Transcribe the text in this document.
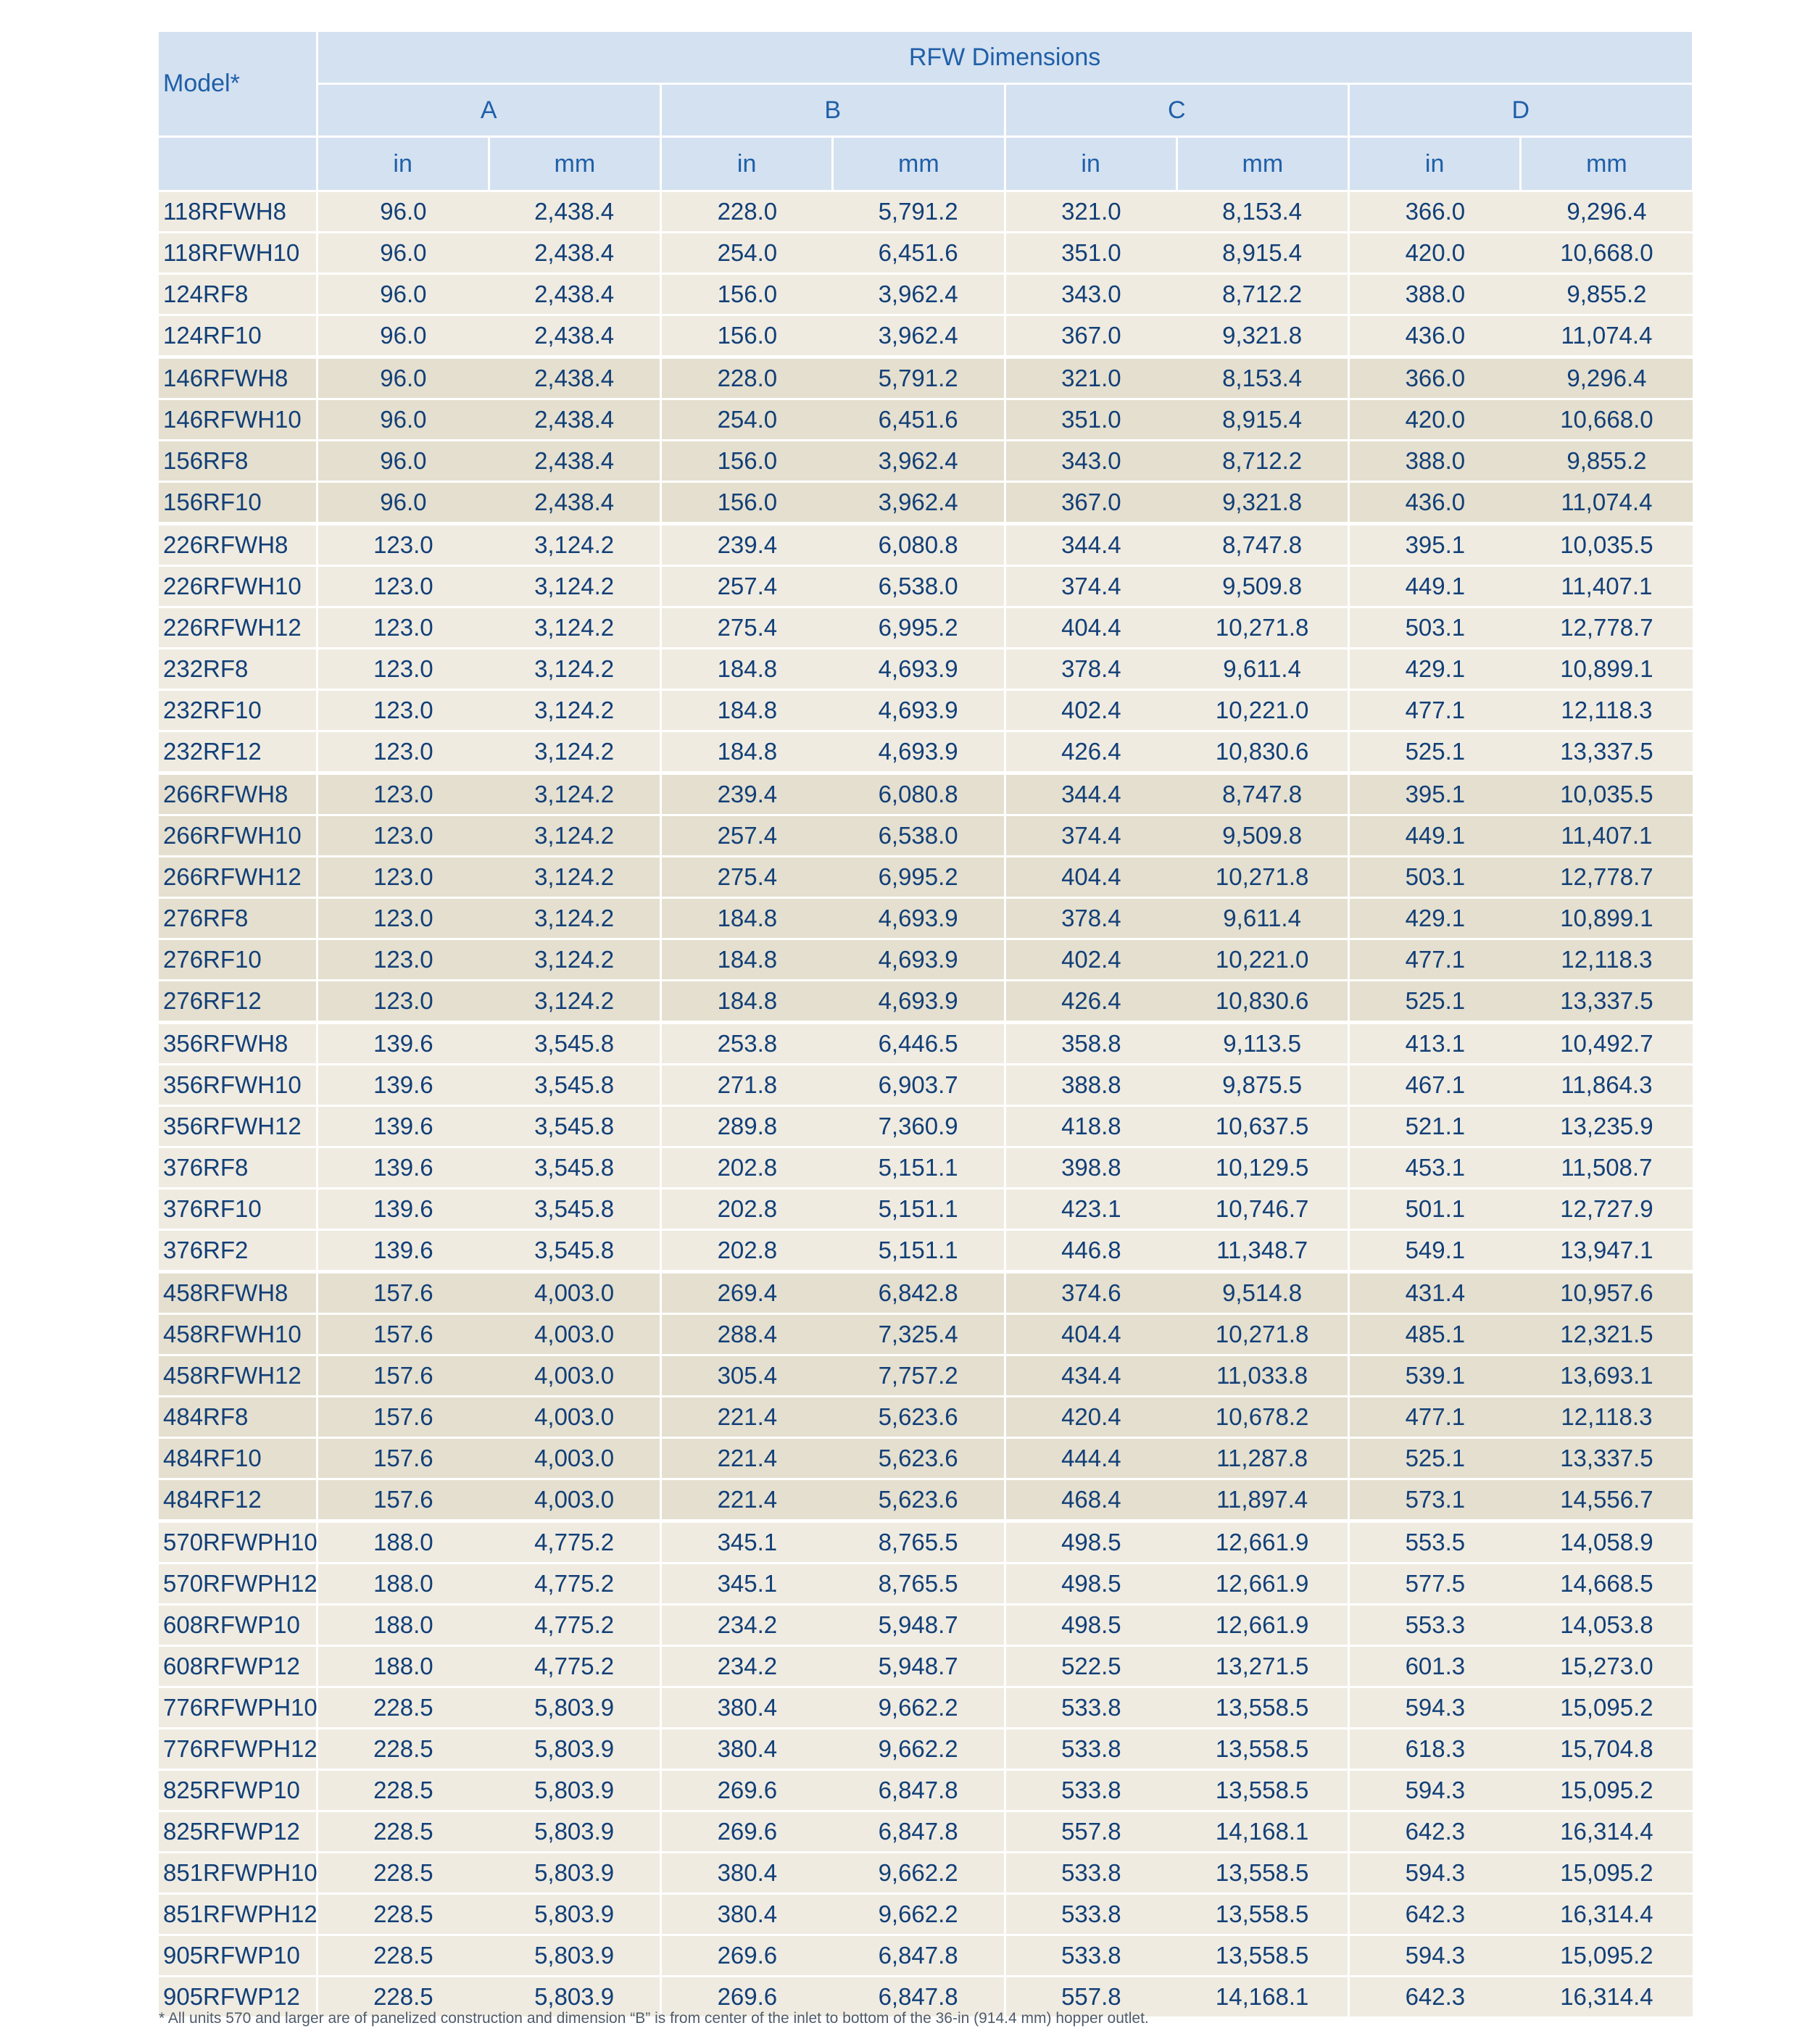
Model*	RFW Dimensions							
	A		B		C		D	
	in	mm	in	mm	in	mm	in	mm
118RFWH8	96.0	2,438.4	228.0	5,791.2	321.0	8,153.4	366.0	9,296.4
118RFWH10	96.0	2,438.4	254.0	6,451.6	351.0	8,915.4	420.0	10,668.0
124RF8	96.0	2,438.4	156.0	3,962.4	343.0	8,712.2	388.0	9,855.2
124RF10	96.0	2,438.4	156.0	3,962.4	367.0	9,321.8	436.0	11,074.4
146RFWH8	96.0	2,438.4	228.0	5,791.2	321.0	8,153.4	366.0	9,296.4
146RFWH10	96.0	2,438.4	254.0	6,451.6	351.0	8,915.4	420.0	10,668.0
156RF8	96.0	2,438.4	156.0	3,962.4	343.0	8,712.2	388.0	9,855.2
156RF10	96.0	2,438.4	156.0	3,962.4	367.0	9,321.8	436.0	11,074.4
226RFWH8	123.0	3,124.2	239.4	6,080.8	344.4	8,747.8	395.1	10,035.5
226RFWH10	123.0	3,124.2	257.4	6,538.0	374.4	9,509.8	449.1	11,407.1
226RFWH12	123.0	3,124.2	275.4	6,995.2	404.4	10,271.8	503.1	12,778.7
232RF8	123.0	3,124.2	184.8	4,693.9	378.4	9,611.4	429.1	10,899.1
232RF10	123.0	3,124.2	184.8	4,693.9	402.4	10,221.0	477.1	12,118.3
232RF12	123.0	3,124.2	184.8	4,693.9	426.4	10,830.6	525.1	13,337.5
266RFWH8	123.0	3,124.2	239.4	6,080.8	344.4	8,747.8	395.1	10,035.5
266RFWH10	123.0	3,124.2	257.4	6,538.0	374.4	9,509.8	449.1	11,407.1
266RFWH12	123.0	3,124.2	275.4	6,995.2	404.4	10,271.8	503.1	12,778.7
276RF8	123.0	3,124.2	184.8	4,693.9	378.4	9,611.4	429.1	10,899.1
276RF10	123.0	3,124.2	184.8	4,693.9	402.4	10,221.0	477.1	12,118.3
276RF12	123.0	3,124.2	184.8	4,693.9	426.4	10,830.6	525.1	13,337.5
356RFWH8	139.6	3,545.8	253.8	6,446.5	358.8	9,113.5	413.1	10,492.7
356RFWH10	139.6	3,545.8	271.8	6,903.7	388.8	9,875.5	467.1	11,864.3
356RFWH12	139.6	3,545.8	289.8	7,360.9	418.8	10,637.5	521.1	13,235.9
376RF8	139.6	3,545.8	202.8	5,151.1	398.8	10,129.5	453.1	11,508.7
376RF10	139.6	3,545.8	202.8	5,151.1	423.1	10,746.7	501.1	12,727.9
376RF2	139.6	3,545.8	202.8	5,151.1	446.8	11,348.7	549.1	13,947.1
458RFWH8	157.6	4,003.0	269.4	6,842.8	374.6	9,514.8	431.4	10,957.6
458RFWH10	157.6	4,003.0	288.4	7,325.4	404.4	10,271.8	485.1	12,321.5
458RFWH12	157.6	4,003.0	305.4	7,757.2	434.4	11,033.8	539.1	13,693.1
484RF8	157.6	4,003.0	221.4	5,623.6	420.4	10,678.2	477.1	12,118.3
484RF10	157.6	4,003.0	221.4	5,623.6	444.4	11,287.8	525.1	13,337.5
484RF12	157.6	4,003.0	221.4	5,623.6	468.4	11,897.4	573.1	14,556.7
570RFWPH10	188.0	4,775.2	345.1	8,765.5	498.5	12,661.9	553.5	14,058.9
570RFWPH12	188.0	4,775.2	345.1	8,765.5	498.5	12,661.9	577.5	14,668.5
608RFWP10	188.0	4,775.2	234.2	5,948.7	498.5	12,661.9	553.3	14,053.8
608RFWP12	188.0	4,775.2	234.2	5,948.7	522.5	13,271.5	601.3	15,273.0
776RFWPH10	228.5	5,803.9	380.4	9,662.2	533.8	13,558.5	594.3	15,095.2
776RFWPH12	228.5	5,803.9	380.4	9,662.2	533.8	13,558.5	618.3	15,704.8
825RFWP10	228.5	5,803.9	269.6	6,847.8	533.8	13,558.5	594.3	15,095.2
825RFWP12	228.5	5,803.9	269.6	6,847.8	557.8	14,168.1	642.3	16,314.4
851RFWPH10	228.5	5,803.9	380.4	9,662.2	533.8	13,558.5	594.3	15,095.2
851RFWPH12	228.5	5,803.9	380.4	9,662.2	533.8	13,558.5	642.3	16,314.4
905RFWP10	228.5	5,803.9	269.6	6,847.8	533.8	13,558.5	594.3	15,095.2
905RFWP12	228.5	5,803.9	269.6	6,847.8	557.8	14,168.1	642.3	16,314.4
* All units 570 and larger are of panelized construction and dimension “B” is from center of the inlet to bottom of the 36-in (914.4 mm) hopper outlet.
